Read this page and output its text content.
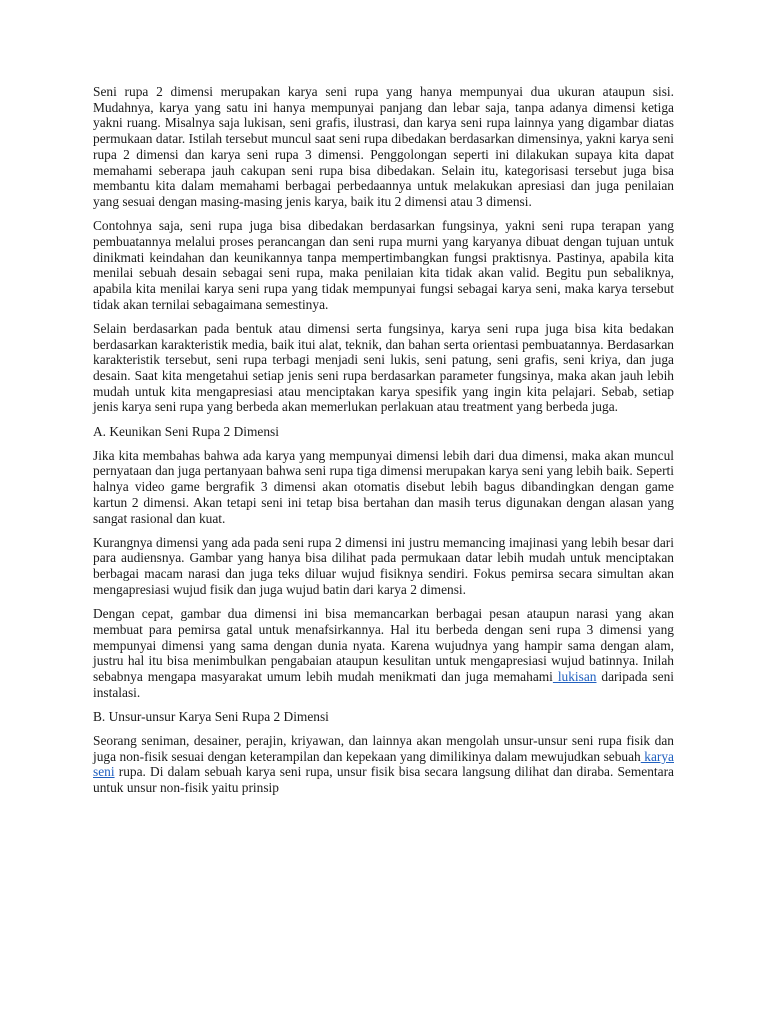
Seni rupa 2 dimensi merupakan karya seni rupa yang hanya mempunyai dua ukuran ataupun sisi. Mudahnya, karya yang satu ini hanya mempunyai panjang dan lebar saja, tanpa adanya dimensi ketiga yakni ruang. Misalnya saja lukisan, seni grafis, ilustrasi, dan karya seni rupa lainnya yang digambar diatas permukaan datar. Istilah tersebut muncul saat seni rupa dibedakan berdasarkan dimensinya, yakni karya seni rupa 2 dimensi dan karya seni rupa 3 dimensi. Penggolongan seperti ini dilakukan supaya kita dapat memahami seberapa jauh cakupan seni rupa bisa dibedakan. Selain itu, kategorisasi tersebut juga bisa membantu kita dalam memahami berbagai perbedaannya untuk melakukan apresiasi dan juga penilaian yang sesuai dengan masing-masing jenis karya, baik itu 2 dimensi atau 3 dimensi.

Contohnya saja, seni rupa juga bisa dibedakan berdasarkan fungsinya, yakni seni rupa terapan yang pembuatannya melalui proses perancangan dan seni rupa murni yang karyanya dibuat dengan tujuan untuk dinikmati keindahan dan keunikannya tanpa mempertimbangkan fungsi praktisnya. Pastinya, apabila kita menilai sebuah desain sebagai seni rupa, maka penilaian kita tidak akan valid. Begitu pun sebaliknya, apabila kita menilai karya seni rupa yang tidak mempunyai fungsi sebagai karya seni, maka karya tersebut tidak akan ternilai sebagaimana semestinya.

Selain berdasarkan pada bentuk atau dimensi serta fungsinya, karya seni rupa juga bisa kita bedakan berdasarkan karakteristik media, baik itui alat, teknik, dan bahan serta orientasi pembuatannya. Berdasarkan karakteristik tersebut, seni rupa terbagi menjadi seni lukis, seni patung, seni grafis, seni kriya, dan juga desain. Saat kita mengetahui setiap jenis seni rupa berdasarkan parameter fungsinya, maka akan jauh lebih mudah untuk kita mengapresiasi atau menciptakan karya spesifik yang ingin kita pelajari. Sebab, setiap jenis karya seni rupa yang berbeda akan memerlukan perlakuan atau treatment yang berbeda juga.

A. Keunikan Seni Rupa 2 Dimensi

Jika kita membahas bahwa ada karya yang mempunyai dimensi lebih dari dua dimensi, maka akan muncul pernyataan dan juga pertanyaan bahwa seni rupa tiga dimensi merupakan karya seni yang lebih baik. Seperti halnya video game bergrafik 3 dimensi akan otomatis disebut lebih bagus dibandingkan dengan game kartun 2 dimensi. Akan tetapi seni ini tetap bisa bertahan dan masih terus digunakan dengan alasan yang sangat rasional dan kuat.

Kurangnya dimensi yang ada pada seni rupa 2 dimensi ini justru memancing imajinasi yang lebih besar dari para audiensnya. Gambar yang hanya bisa dilihat pada permukaan datar lebih mudah untuk menciptakan berbagai macam narasi dan juga teks diluar wujud fisiknya sendiri. Fokus pemirsa secara simultan akan mengapresiasi wujud fisik dan juga wujud batin dari karya 2 dimensi.

Dengan cepat, gambar dua dimensi ini bisa memancarkan berbagai pesan ataupun narasi yang akan membuat para pemirsa gatal untuk menafsirkannya. Hal itu berbeda dengan seni rupa 3 dimensi yang mempunyai dimensi yang sama dengan dunia nyata. Karena wujudnya yang hampir sama dengan alam, justru hal itu bisa menimbulkan pengabaian ataupun kesulitan untuk mengapresiasi wujud batinnya. Inilah sebabnya mengapa masyarakat umum lebih mudah menikmati dan juga memahami lukisan daripada seni instalasi.

B. Unsur-unsur Karya Seni Rupa 2 Dimensi

Seorang seniman, desainer, perajin, kriyawan, dan lainnya akan mengolah unsur-unsur seni rupa fisik dan juga non-fisik sesuai dengan keterampilan dan kepekaan yang dimilikinya dalam mewujudkan sebuah karya seni rupa. Di dalam sebuah karya seni rupa, unsur fisik bisa secara langsung dilihat dan diraba. Sementara untuk unsur non-fisik yaitu prinsip
